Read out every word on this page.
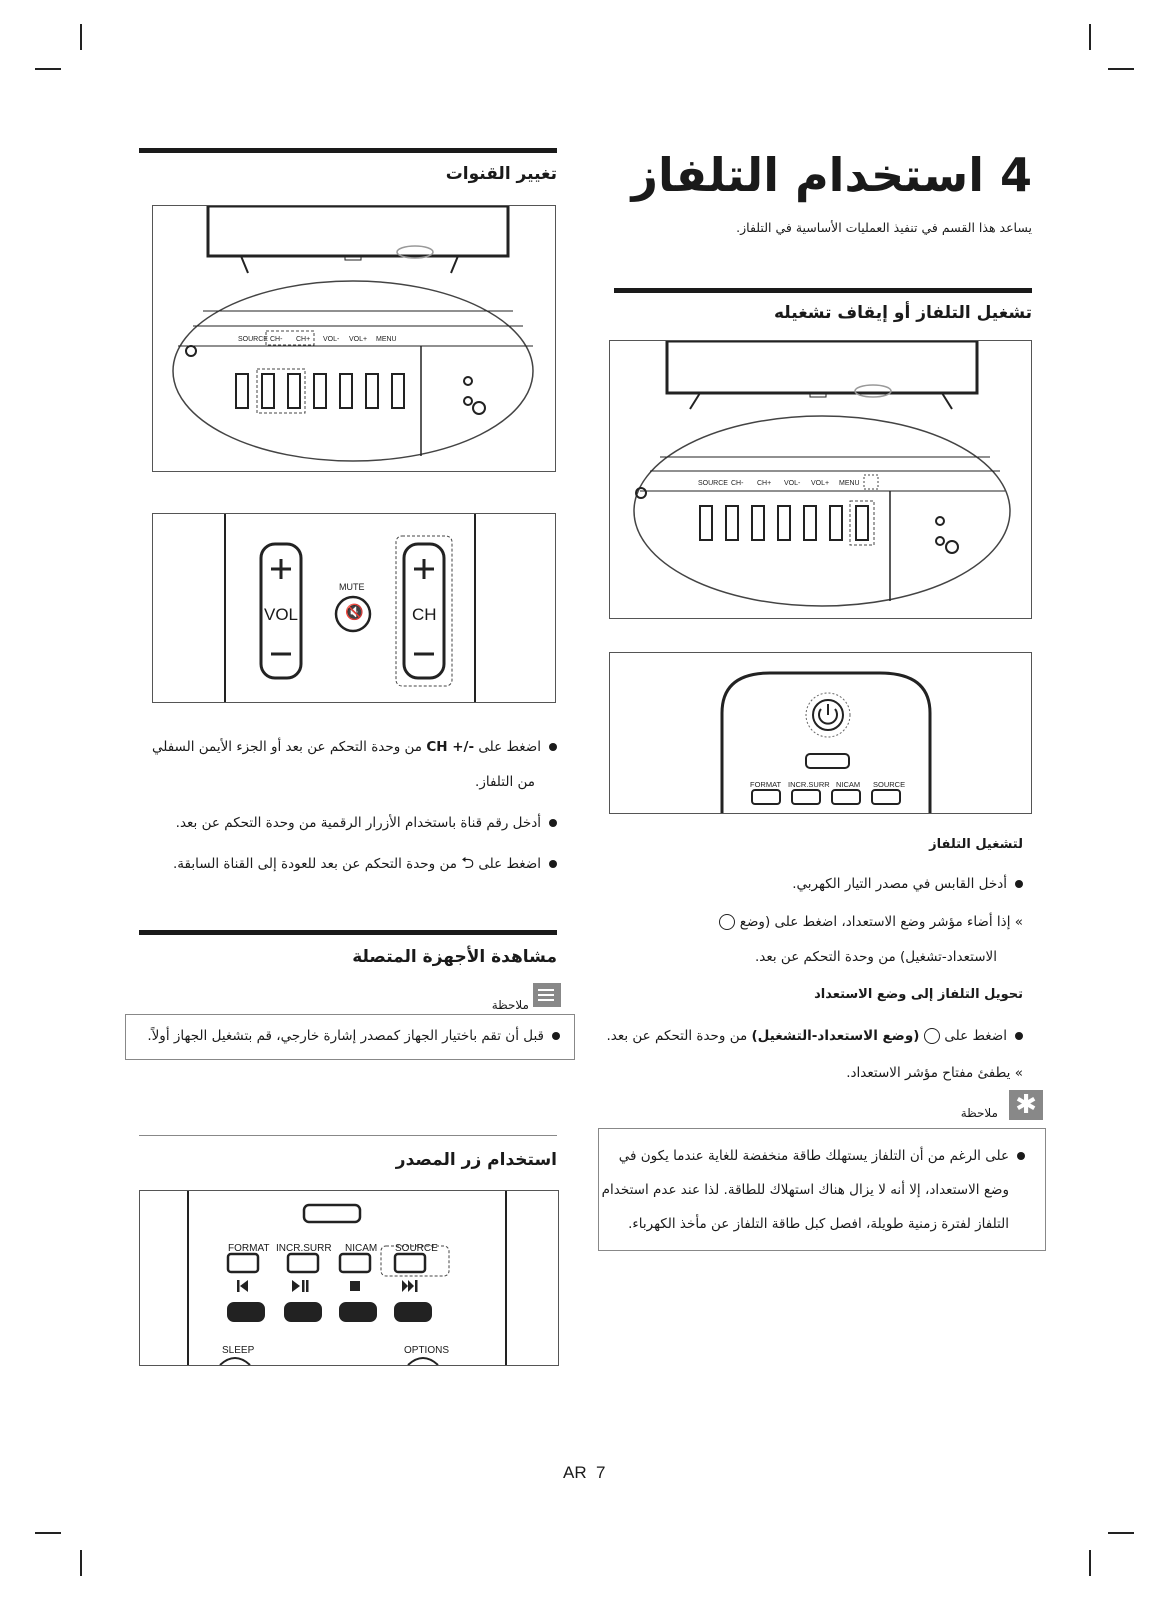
4 استخدام التلفاز
يساعد هذا القسم في تنفيذ العمليات الأساسية في التلفاز.
تشغيل التلفاز أو إيقاف تشغيله
SOURCE CH- CH+ VOL- VOL+ MENU
FORMAT INCR.SURR NICAM SOURCE
لتشغيل التلفاز
أدخل القابس في مصدر التيار الكهربي.
» إذا أضاء مؤشر وضع الاستعداد، اضغط على (وضع
الاستعداد-تشغيل) من وحدة التحكم عن بعد.
تحويل التلفاز إلى وضع الاستعداد
اضغط على  (وضع الاستعداد-التشغيل) من وحدة التحكم عن بعد.
» يطفئ مفتاح مؤشر الاستعداد.
✱
ملاحظة
على الرغم من أن التلفاز يستهلك طاقة منخفضة للغاية عندما يكون في
وضع الاستعداد، إلا أنه لا يزال هناك استهلاك للطاقة. لذا عند عدم استخدام
التلفاز لفترة زمنية طويلة، افصل كبل طاقة التلفاز عن مأخذ الكهرباء.
تغيير القنوات
SOURCE CH- CH+ VOL- VOL+ MENU
VOL
MUTE
🔇	CH
اضغط على CH +/- من وحدة التحكم عن بعد أو الجزء الأيمن السفلي
من التلفاز.
أدخل رقم قناة باستخدام الأزرار الرقمية من وحدة التحكم عن بعد.
اضغط على ⮌ من وحدة التحكم عن بعد للعودة إلى القناة السابقة.
مشاهدة الأجهزة المتصلة
ملاحظة
قبل أن تقم باختيار الجهاز كمصدر إشارة خارجي، قم بتشغيل الجهاز أولاً.
استخدام زر المصدر
FORMAT INCR.SURR NICAM SOURCE
SLEEP	OPTIONS
AR  7
